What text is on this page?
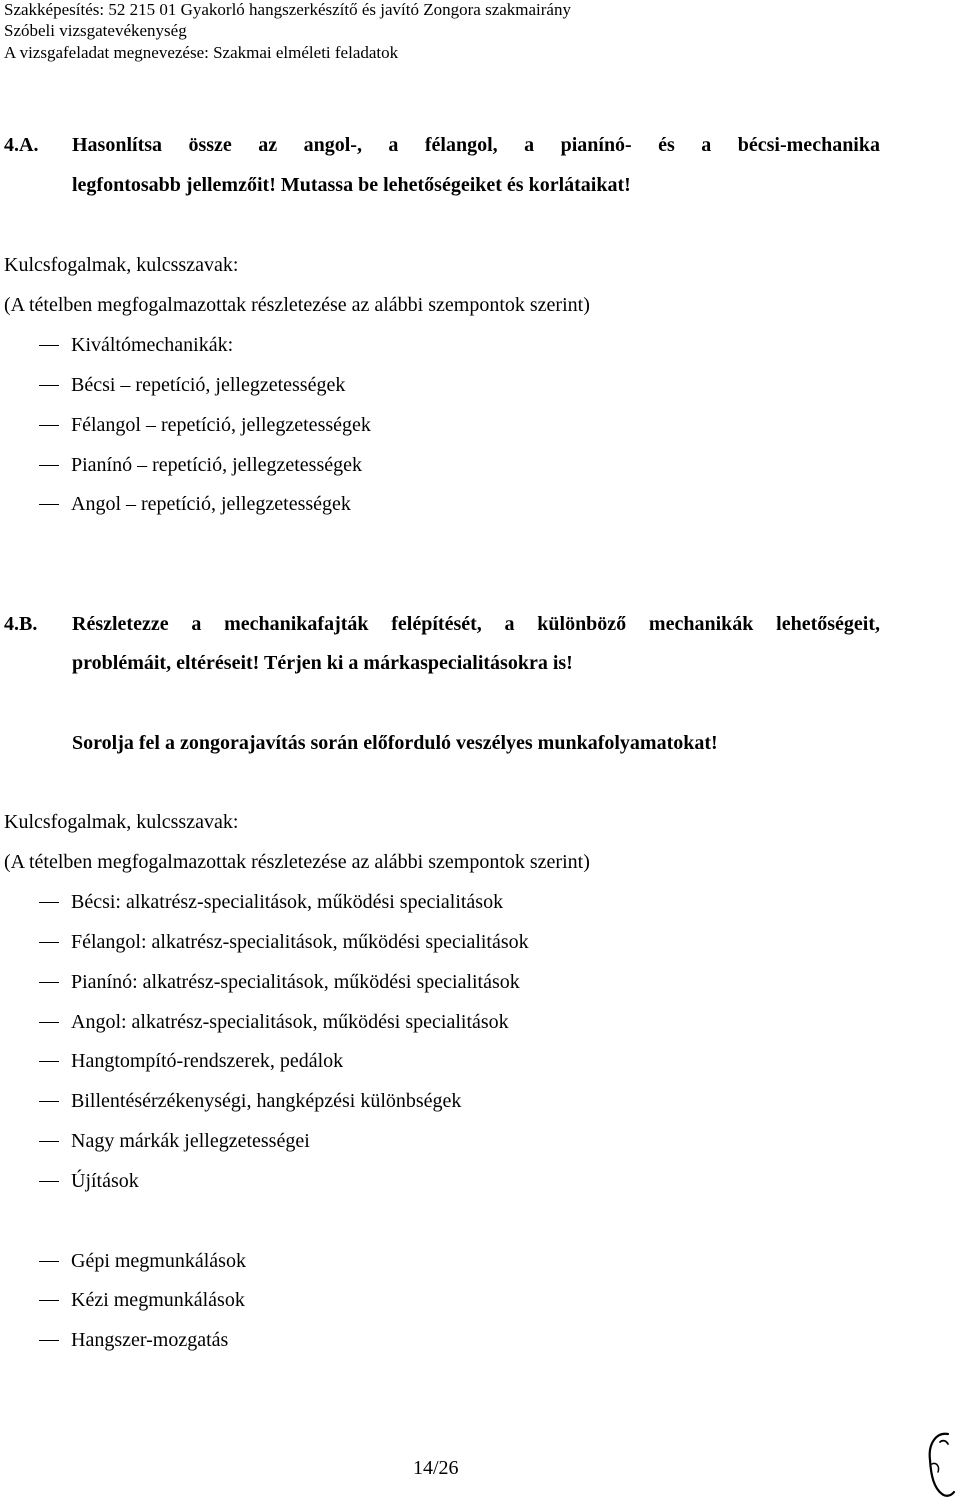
Szakképesítés: 52 215 01 Gyakorló hangszerkészítő és javító Zongora szakmairány
Szóbeli vizsgatevékenység
A vizsgafeladat megnevezése: Szakmai elméleti feladatok
4.A. Hasonlítsa össze az angol-, a félangol, a pianínó- és a bécsi-mechanika
legfontosabb jellemzőit! Mutassa be lehetőségeiket és korlátaikat!
Kulcsfogalmak, kulcsszavak:
(A tételben megfogalmazottak részletezése az alábbi szempontok szerint)
Kiváltómechanikák:
Bécsi – repetíció, jellegzetességek
Félangol – repetíció, jellegzetességek
Pianínó – repetíció, jellegzetességek
Angol – repetíció, jellegzetességek
4.B. Részletezze a mechanikafajták felépítését, a különböző mechanikák lehetőségeit,
problémáit, eltéréseit! Térjen ki a márkaspecialitásokra is!
Sorolja fel a zongorajavítás során előforduló veszélyes munkafolyamatokat!
Kulcsfogalmak, kulcsszavak:
(A tételben megfogalmazottak részletezése az alábbi szempontok szerint)
Bécsi: alkatrész-specialitások, működési specialitások
Félangol: alkatrész-specialitások, működési specialitások
Pianínó: alkatrész-specialitások, működési specialitások
Angol: alkatrész-specialitások, működési specialitások
Hangtompító-rendszerek, pedálok
Billentésérzékenységi, hangképzési különbségek
Nagy márkák jellegzetességei
Újítások
Gépi megmunkálások
Kézi megmunkálások
Hangszer-mozgatás
14/26
